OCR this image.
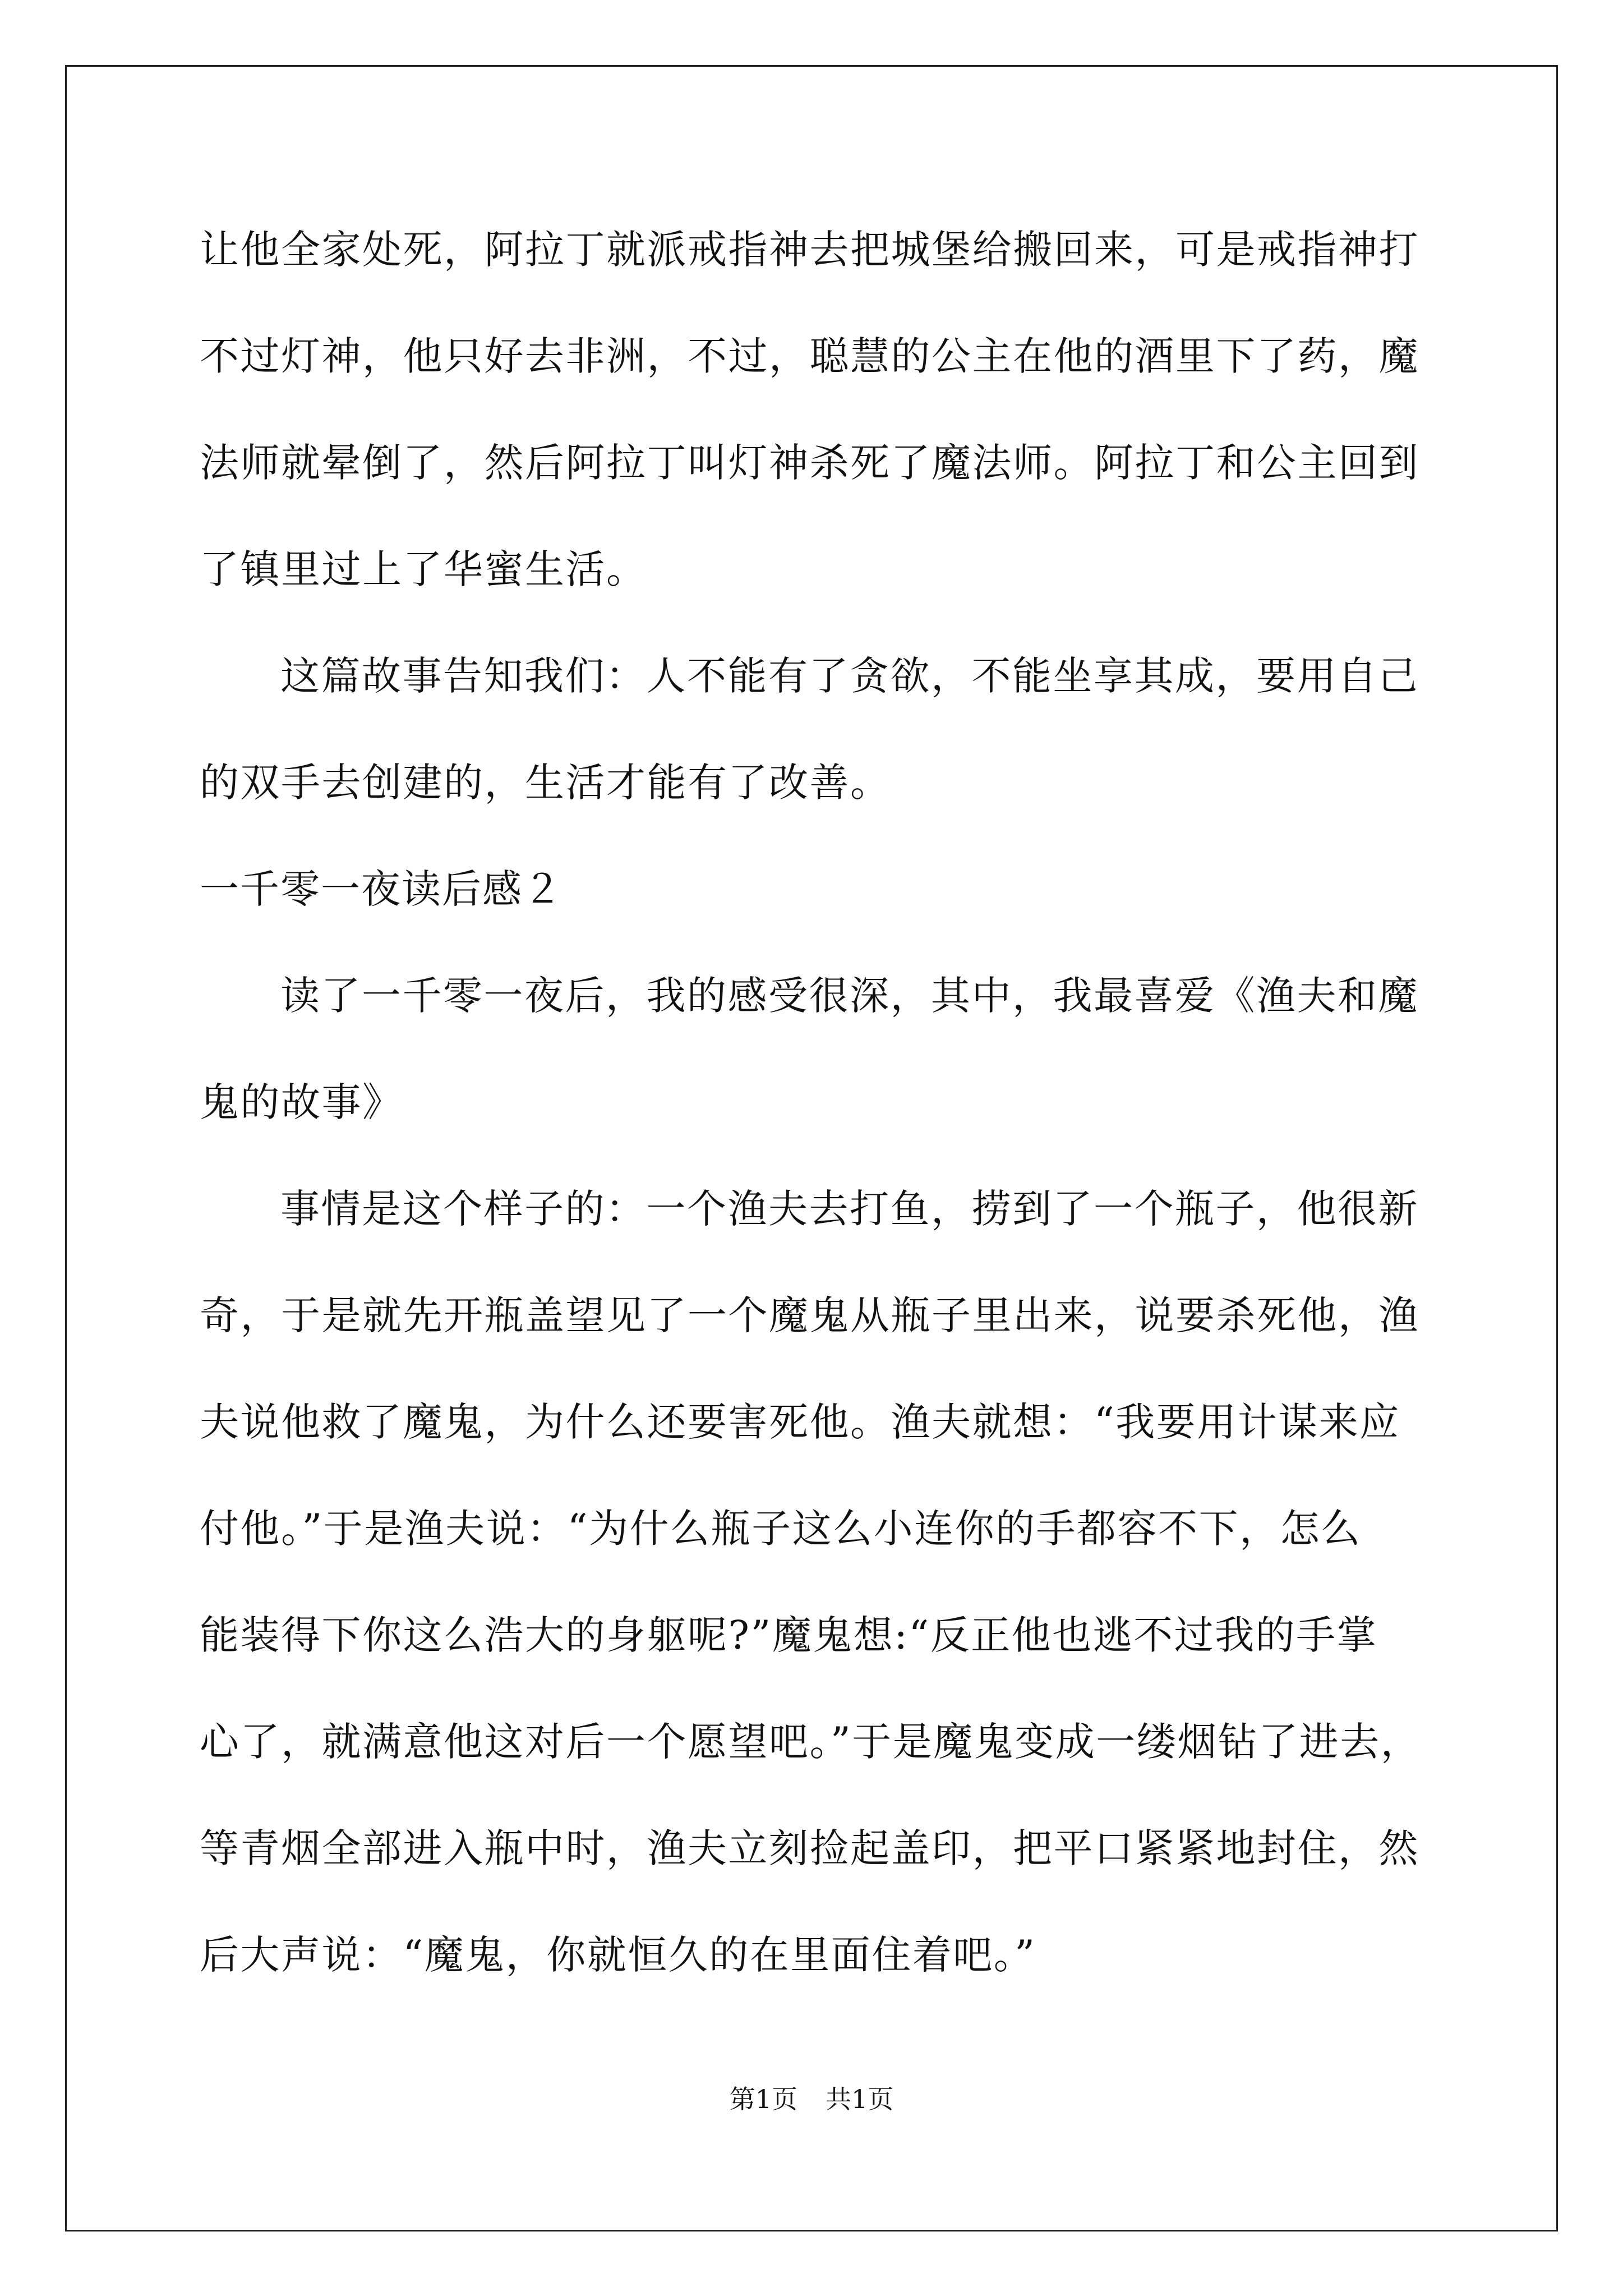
让他全家处死，阿拉丁就派戒指神去把城堡给搬回来，可是戒指神打
不过灯神，他只好去非洲，不过，聪慧的公主在他的酒里下了药，魔
法师就晕倒了，然后阿拉丁叫灯神杀死了魔法师。阿拉丁和公主回到
了镇里过上了华蜜生活。
这篇故事告知我们：人不能有了贪欲，不能坐享其成，要用自己
的双手去创建的，生活才能有了改善。
一千零一夜读后感２
读了一千零一夜后，我的感受很深，其中，我最喜爱《渔夫和魔
鬼的故事》
事情是这个样子的：一个渔夫去打鱼，捞到了一个瓶子，他很新
奇，于是就先开瓶盖望见了一个魔鬼从瓶子里出来，说要杀死他，渔
夫说他救了魔鬼，为什么还要害死他。渔夫就想：“我要用计谋来应
付他。”于是渔夫说：“为什么瓶子这么小连你的手都容不下，怎么
能装得下你这么浩大的身躯呢?”魔鬼想:“反正他也逃不过我的手掌
心了，就满意他这对后一个愿望吧。”于是魔鬼变成一缕烟钻了进去，
等青烟全部进入瓶中时，渔夫立刻捡起盖印，把平口紧紧地封住，然
后大声说：“魔鬼，你就恒久的在里面住着吧。”
第1页 共1页
